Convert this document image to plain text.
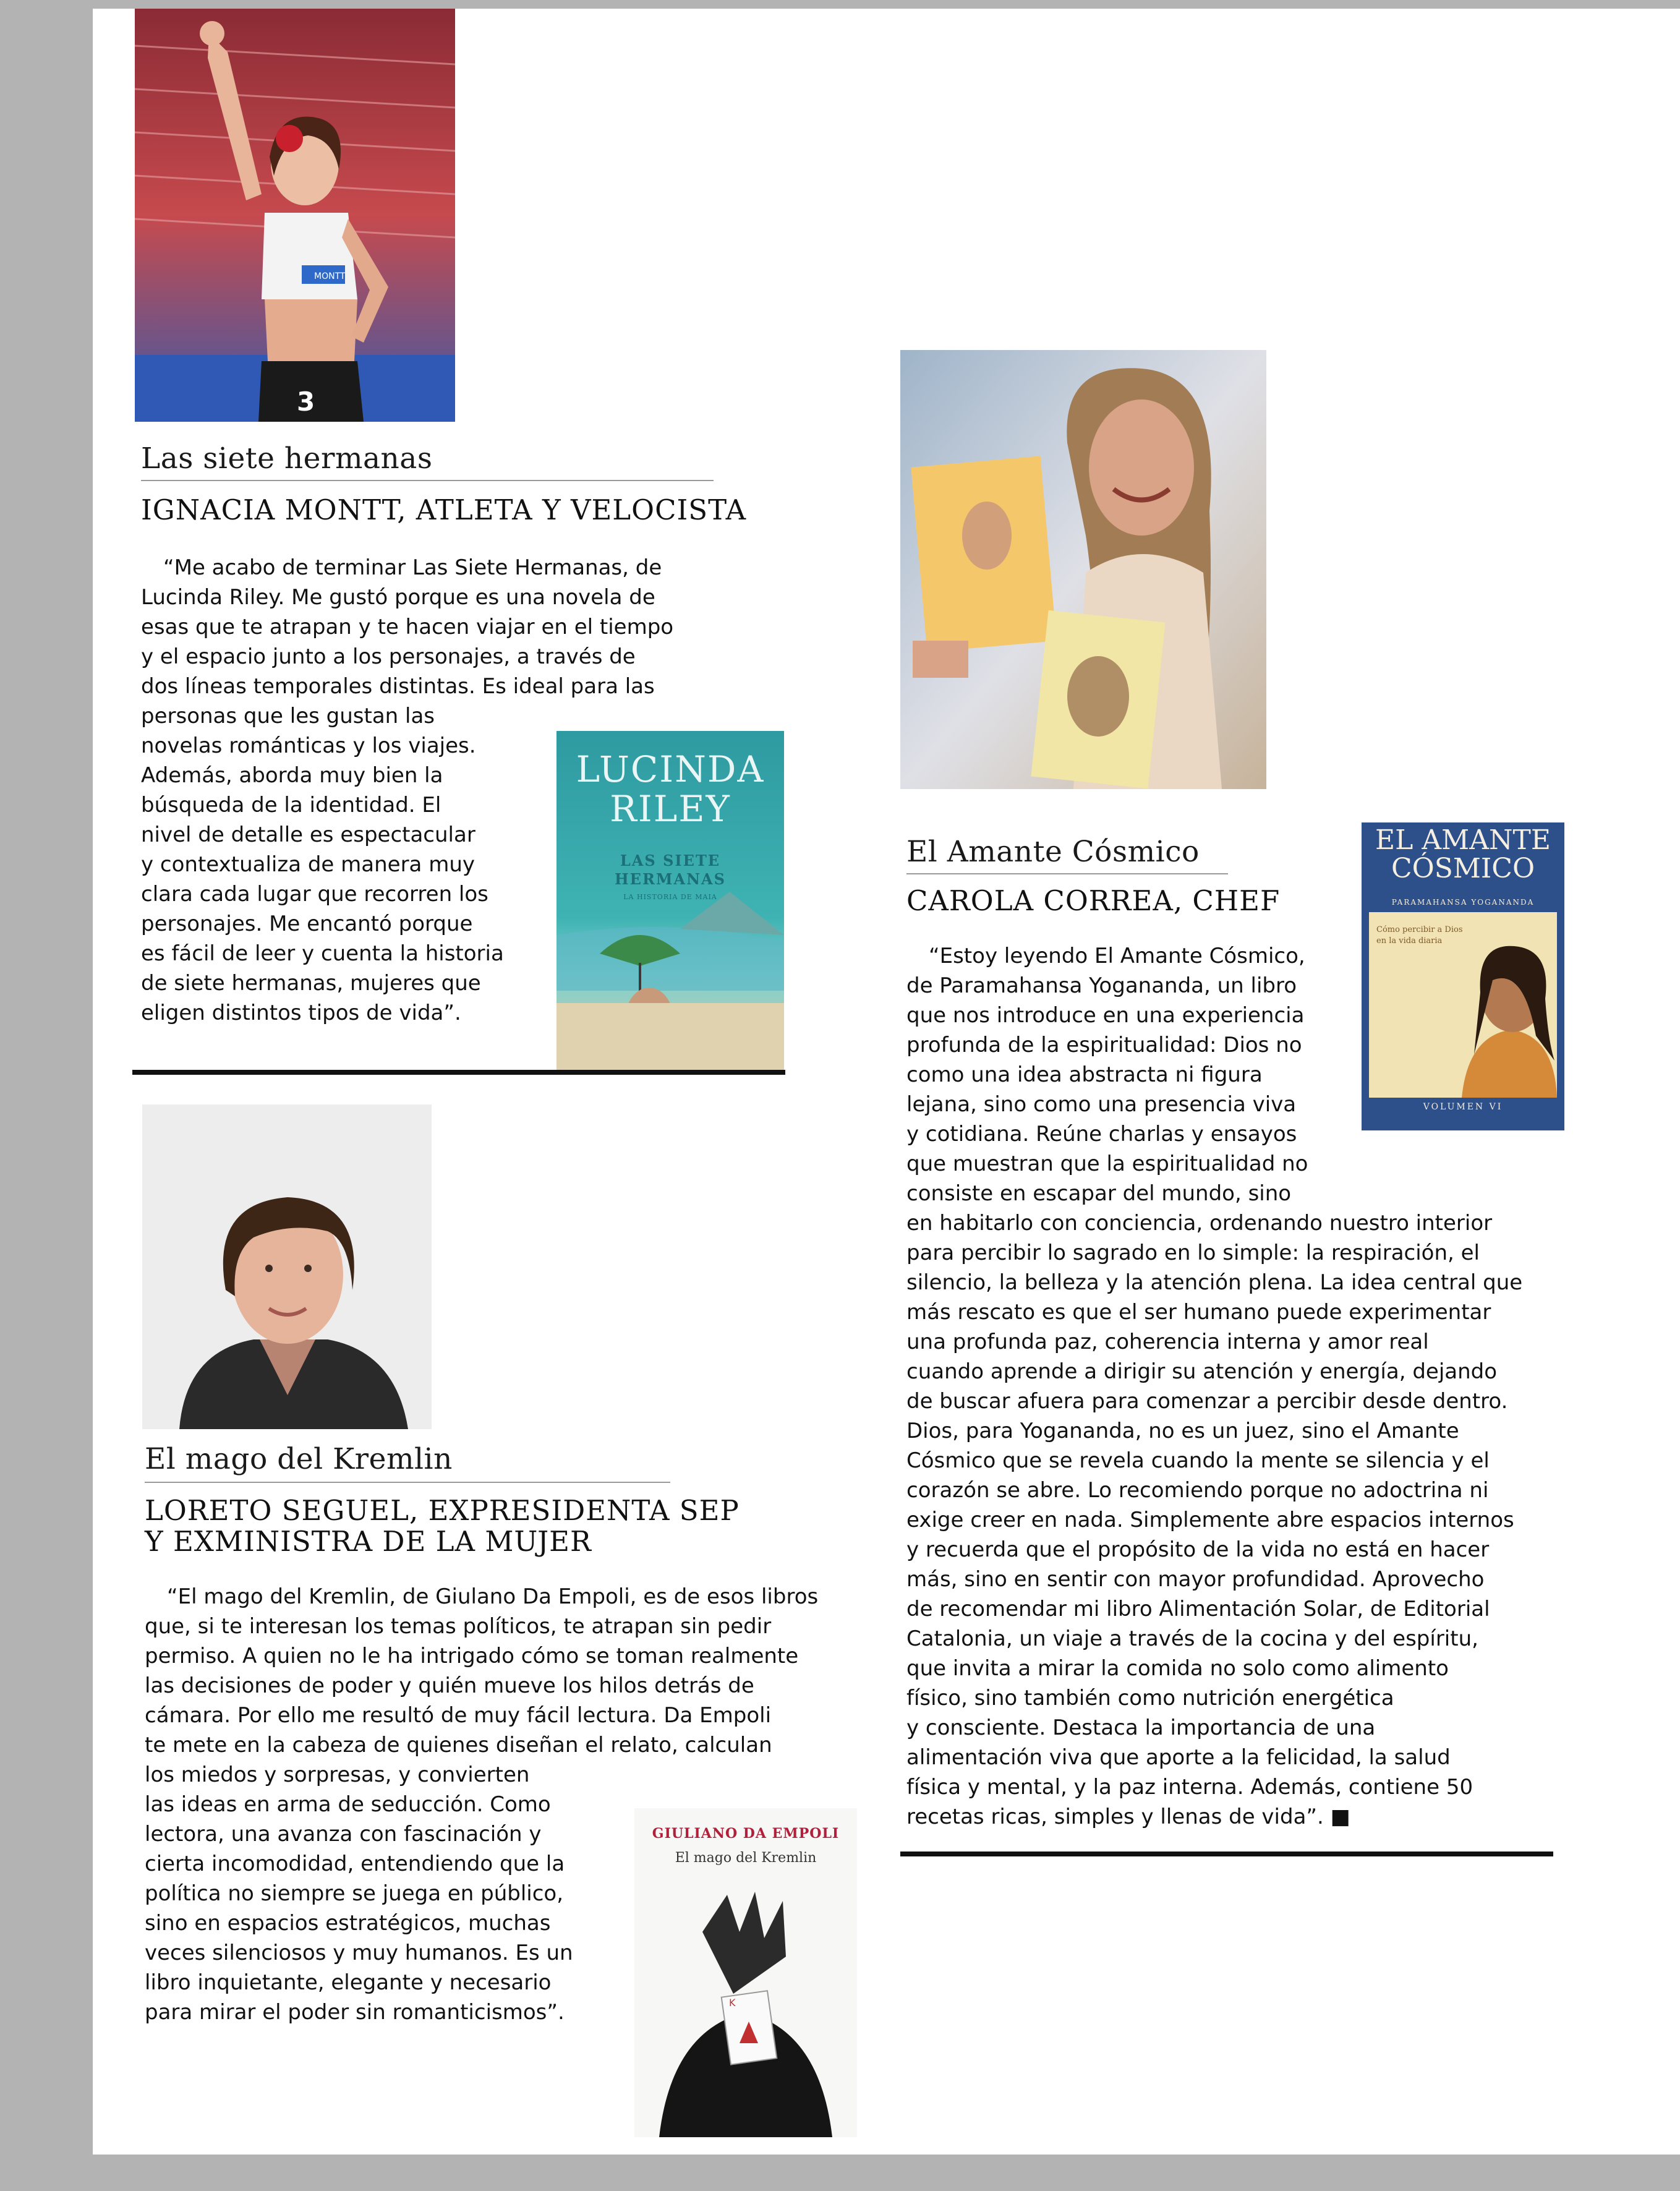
MONTT
3
Las siete hermanas
IGNACIA MONTT, ATLETA Y VELOCISTA
“Me acabo de terminar Las Siete Hermanas, de
Lucinda Riley. Me gustó porque es una novela de
esas que te atrapan y te hacen viajar en el tiempo
y el espacio junto a los personajes, a través de
dos líneas temporales distintas. Es ideal para las
personas que les gustan las
novelas románticas y los viajes.
Además, aborda muy bien la
búsqueda de la identidad. El
nivel de detalle es espectacular
y contextualiza de manera muy
clara cada lugar que recorren los
personajes. Me encantó porque
es fácil de leer y cuenta la historia
de siete hermanas, mujeres que
eligen distintos tipos de vida”.
LUCINDA RILEY
LAS SIETE HERMANAS
LA HISTORIA DE MAIA
El mago del Kremlin
LORETO SEGUEL, EXPRESIDENTA SEP
Y EXMINISTRA DE LA MUJER
“El mago del Kremlin, de Giulano Da Empoli, es de esos libros
que, si te interesan los temas políticos, te atrapan sin pedir
permiso. A quien no le ha intrigado cómo se toman realmente
las decisiones de poder y quién mueve los hilos detrás de
cámara. Por ello me resultó de muy fácil lectura. Da Empoli
te mete en la cabeza de quienes diseñan el relato, calculan
los miedos y sorpresas, y convierten
las ideas en arma de seducción. Como
lectora, una avanza con fascinación y
cierta incomodidad, entendiendo que la
política no siempre se juega en público,
sino en espacios estratégicos, muchas
veces silenciosos y muy humanos. Es un
libro inquietante, elegante y necesario
para mirar el poder sin romanticismos”.
GIULIANO DA EMPOLI
El mago del Kremlin
K
El Amante Cósmico
CAROLA CORREA, CHEF
EL AMANTE CÓSMICO
PARAMAHANSA YOGANANDA
Cómo percibir a Dios en la vida diaria
VOLUMEN VI
“Estoy leyendo El Amante Cósmico,
de Paramahansa Yogananda, un libro
que nos introduce en una experiencia
profunda de la espiritualidad: Dios no
como una idea abstracta ni figura
lejana, sino como una presencia viva
y cotidiana. Reúne charlas y ensayos
que muestran que la espiritualidad no
consiste en escapar del mundo, sino
en habitarlo con conciencia, ordenando nuestro interior
para percibir lo sagrado en lo simple: la respiración, el
silencio, la belleza y la atención plena. La idea central que
más rescato es que el ser humano puede experimentar
una profunda paz, coherencia interna y amor real
cuando aprende a dirigir su atención y energía, dejando
de buscar afuera para comenzar a percibir desde dentro.
Dios, para Yogananda, no es un juez, sino el Amante
Cósmico que se revela cuando la mente se silencia y el
corazón se abre. Lo recomiendo porque no adoctrina ni
exige creer en nada. Simplemente abre espacios internos
y recuerda que el propósito de la vida no está en hacer
más, sino en sentir con mayor profundidad. Aprovecho
de recomendar mi libro Alimentación Solar, de Editorial
Catalonia, un viaje a través de la cocina y del espíritu,
que invita a mirar la comida no solo como alimento
físico, sino también como nutrición energética
y consciente. Destaca la importancia de una
alimentación viva que aporte a la felicidad, la salud
física y mental, y la paz interna. Además, contiene 50
recetas ricas, simples y llenas de vida”. ■
